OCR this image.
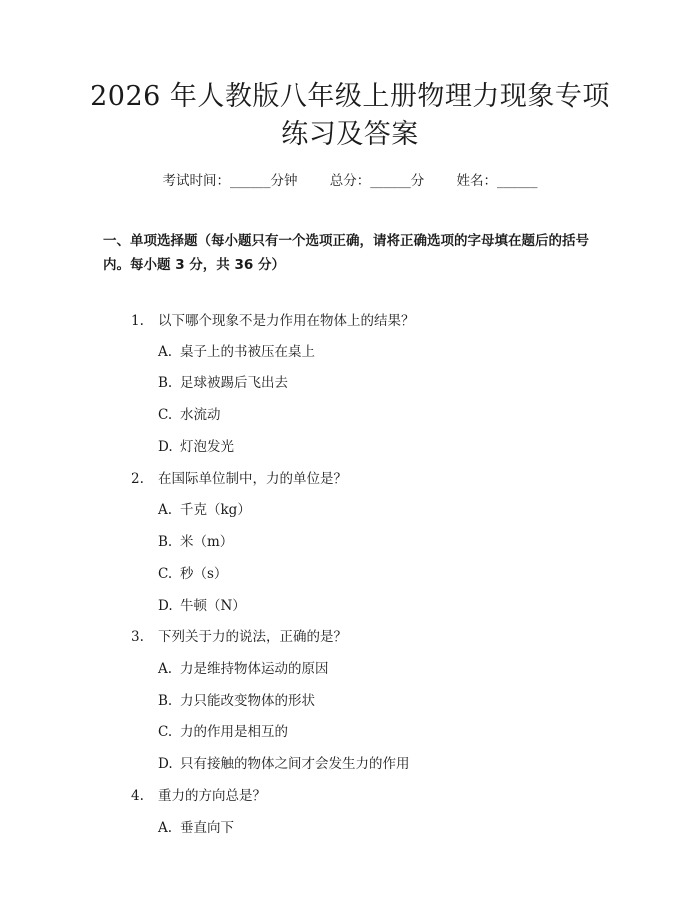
2026 年人教版八年级上册物理力现象专项练习及答案
考试时间：______分钟 总分：______分 姓名：______
一、单项选择题（每小题只有一个选项正确，请将正确选项的字母填在题后的括号内。每小题 3 分，共 36 分）
1. 以下哪个现象不是力作用在物体上的结果？
A. 桌子上的书被压在桌上
B. 足球被踢后飞出去
C. 水流动
D. 灯泡发光
2. 在国际单位制中，力的单位是？
A. 千克（kg）
B. 米（m）
C. 秒（s）
D. 牛顿（N）
3. 下列关于力的说法，正确的是？
A. 力是维持物体运动的原因
B. 力只能改变物体的形状
C. 力的作用是相互的
D. 只有接触的物体之间才会发生力的作用
4. 重力的方向总是？
A. 垂直向下
